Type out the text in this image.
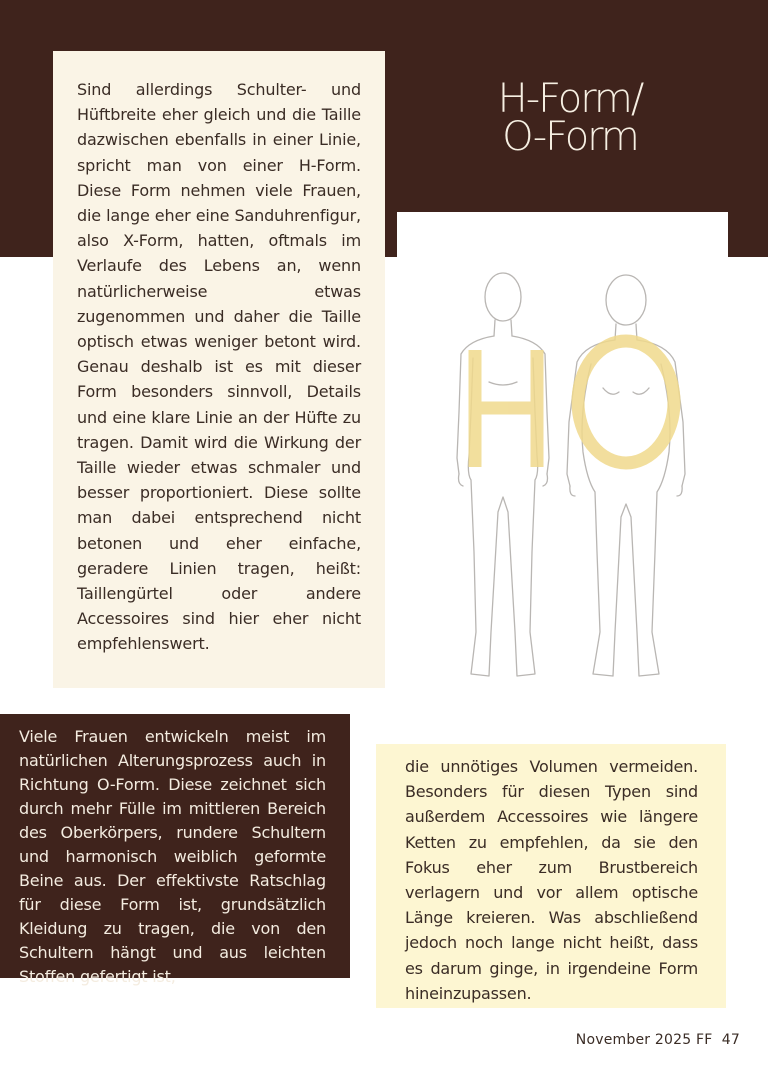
H-Form/
O-Form

Sind allerdings Schulter- und Hüftbreite eher gleich und die Taille dazwischen ebenfalls in einer Linie, spricht man von einer H-Form. Diese Form nehmen viele Frauen, die lange eher eine Sanduhrenfigur, also X-Form, hatten, oftmals im Verlaufe des Lebens an, wenn natürlicherweise etwas zugenommen und daher die Taille optisch etwas weniger betont wird. Genau deshalb ist es mit dieser Form besonders sinnvoll, Details und eine klare Linie an der Hüfte zu tragen. Damit wird die Wirkung der Taille wieder etwas schmaler und besser proportioniert. Diese sollte man dabei entsprechend nicht betonen und eher einfache, geradere Linien tragen, heißt: Taillengürtel oder andere Accessoires sind hier eher nicht empfehlenswert.

Viele Frauen entwickeln meist im natürlichen Alterungsprozess auch in Richtung O-Form. Diese zeichnet sich durch mehr Fülle im mittleren Bereich des Oberkörpers, rundere Schultern und harmonisch weiblich geformte Beine aus. Der effektivste Ratschlag für diese Form ist, grundsätzlich Kleidung zu tragen, die von den Schultern hängt und aus leichten Stoffen gefertigt ist,

die unnötiges Volumen vermeiden. Besonders für diesen Typen sind außerdem Accessoires wie längere Ketten zu empfehlen, da sie den Fokus eher zum Brustbereich verlagern und vor allem optische Länge kreieren. Was abschließend jedoch noch lange nicht heißt, dass es darum ginge, in irgendeine Form hineinzupassen.

November 2025 FF 47
